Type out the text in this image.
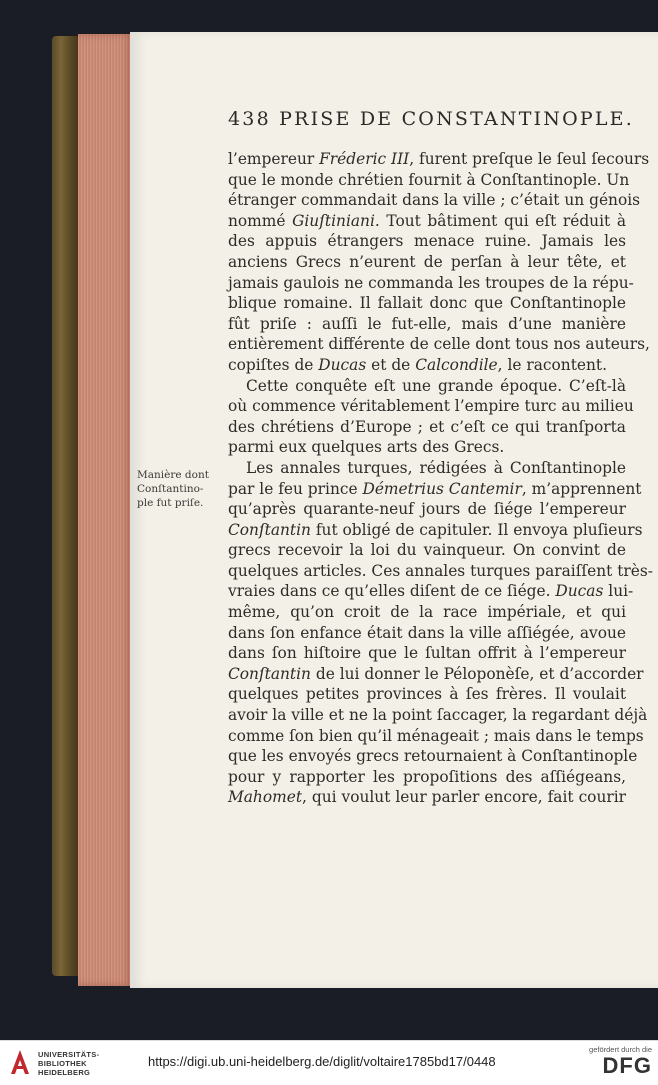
438 PRISE DE CONSTANTINOPLE.
Manière dont
Conſtantino-
ple fut priſe.
l’empereur Fréderic III, furent preſque le ſeul ſecours
que le monde chrétien fournit à Conſtantinople. Un
étranger commandait dans la ville ; c’était un génois
nommé Giuſtiniani. Tout bâtiment qui eſt réduit à
des appuis étrangers menace ruine. Jamais les
anciens Grecs n’eurent de perſan à leur tête, et
jamais gaulois ne commanda les troupes de la répu-
blique romaine. Il fallait donc que Conſtantinople
fût priſe : auſſi le fut-elle, mais d’une manière
entièrement différente de celle dont tous nos auteurs,
copiſtes de Ducas et de Calcondile, le racontent.
Cette conquête eſt une grande époque. C’eſt-là
où commence véritablement l’empire turc au milieu
des chrétiens d’Europe ; et c’eſt ce qui tranſporta
parmi eux quelques arts des Grecs.
Les annales turques, rédigées à Conſtantinople
par le feu prince Démetrius Cantemir, m’apprennent
qu’après quarante-neuf jours de ſiége l’empereur
Conſtantin fut obligé de capituler. Il envoya pluſieurs
grecs recevoir la loi du vainqueur. On convint de
quelques articles. Ces annales turques paraiſſent très-
vraies dans ce qu’elles diſent de ce ſiége. Ducas lui-
même, qu’on croit de la race impériale, et qui
dans ſon enfance était dans la ville aſſiégée, avoue
dans ſon hiſtoire que le ſultan offrit à l’empereur
Conſtantin de lui donner le Péloponèſe, et d’accorder
quelques petites provinces à ſes frères. Il voulait
avoir la ville et ne la point ſaccager, la regardant déjà
comme ſon bien qu’il ménageait ; mais dans le temps
que les envoyés grecs retournaient à Conſtantinople
pour y rapporter les propoſitions des aſſiégeans,
Mahomet, qui voulut leur parler encore, fait courir
UNIVERSITÄTS-
BIBLIOTHEK
HEIDELBERG
https://digi.ub.uni-heidelberg.de/diglit/voltaire1785bd17/0448
gefördert durch die
DFG
